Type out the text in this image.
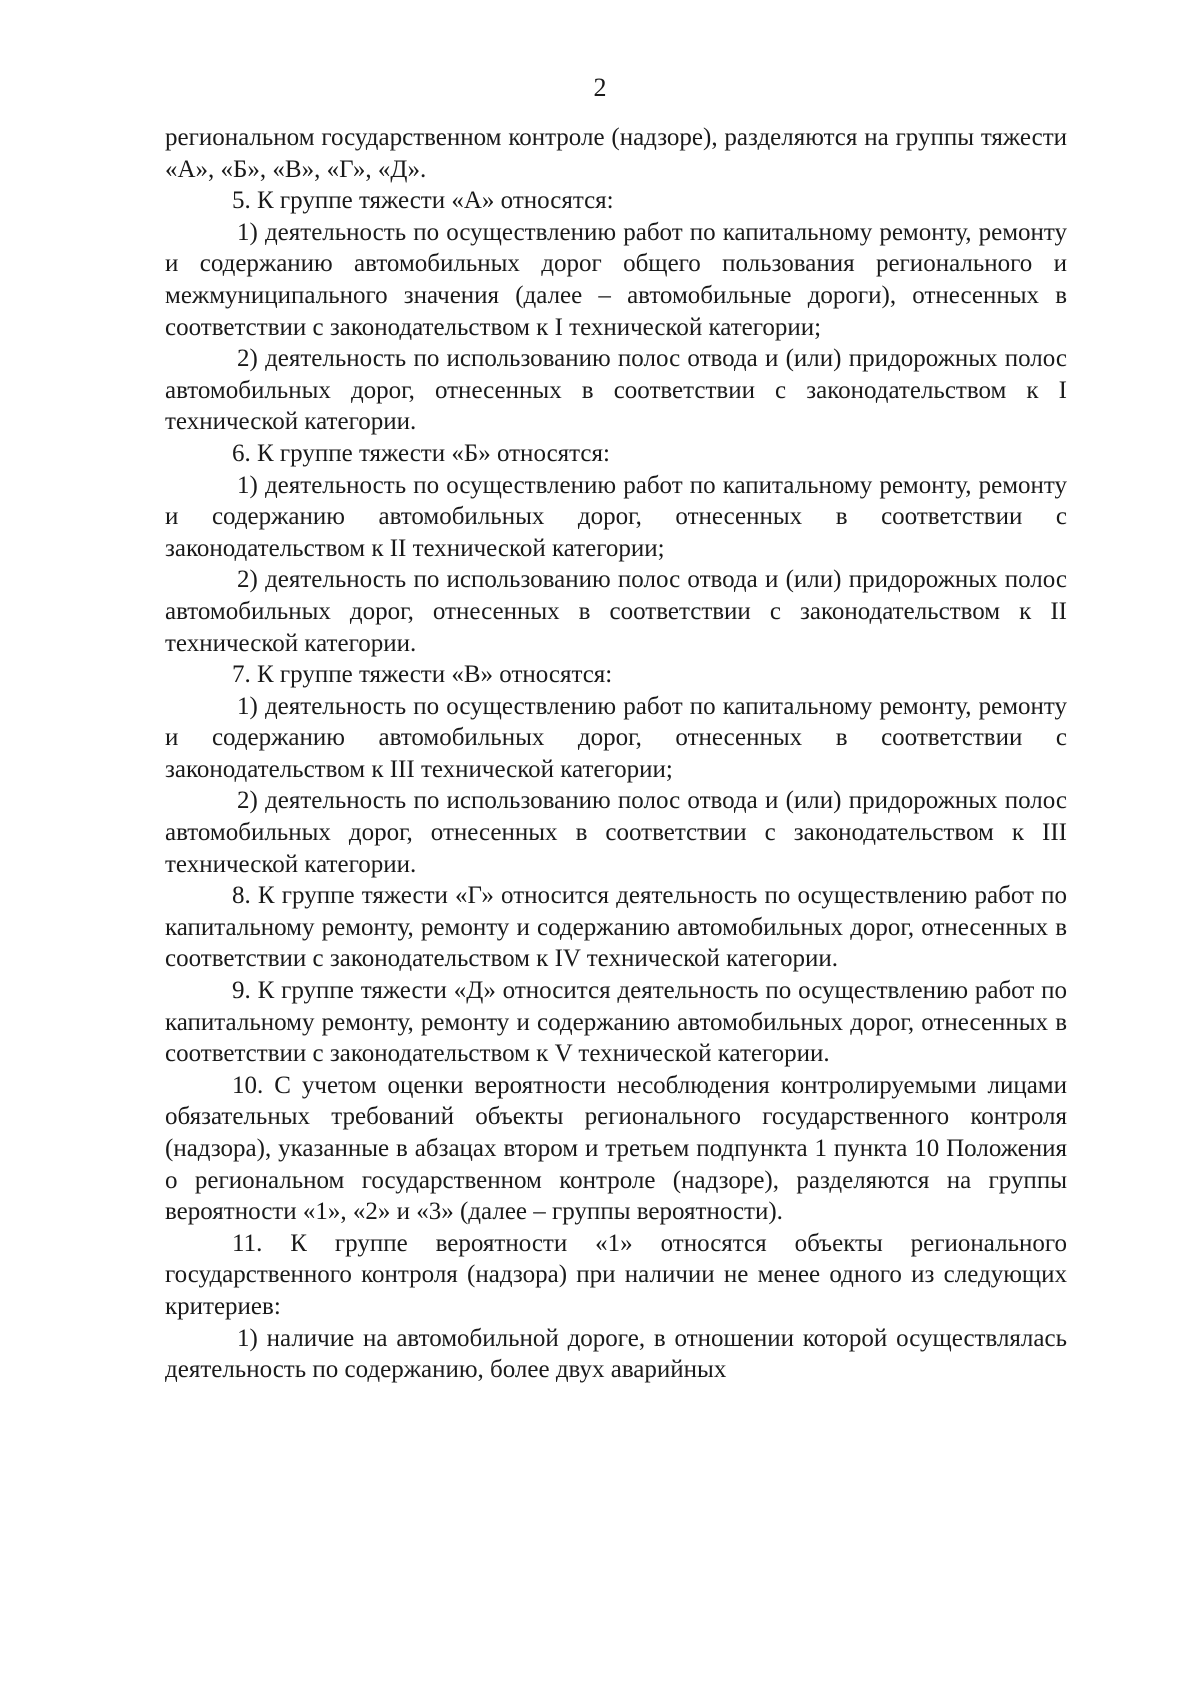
2

региональном государственном контроле (надзоре), разделяются на группы тяжести «А», «Б», «В», «Г», «Д».

5. К группе тяжести «А» относятся:

1) деятельность по осуществлению работ по капитальному ремонту, ремонту и содержанию автомобильных дорог общего пользования регионального и межмуниципального значения (далее – автомобильные дороги), отнесенных в соответствии с законодательством к I технической категории;

2) деятельность по использованию полос отвода и (или) придорожных полос автомобильных дорог, отнесенных в соответствии с законодательством к I технической категории.

6. К группе тяжести «Б» относятся:

1) деятельность по осуществлению работ по капитальному ремонту, ремонту и содержанию автомобильных дорог, отнесенных в соответствии с законодательством к II технической категории;

2) деятельность по использованию полос отвода и (или) придорожных полос автомобильных дорог, отнесенных в соответствии с законодательством к II технической категории.

7. К группе тяжести «В» относятся:

1) деятельность по осуществлению работ по капитальному ремонту, ремонту и содержанию автомобильных дорог, отнесенных в соответствии с законодательством к III технической категории;

2) деятельность по использованию полос отвода и (или) придорожных полос автомобильных дорог, отнесенных в соответствии с законодательством к III технической категории.

8. К группе тяжести «Г» относится деятельность по осуществлению работ по капитальному ремонту, ремонту и содержанию автомобильных дорог, отнесенных в соответствии с законодательством к IV технической категории.

9. К группе тяжести «Д» относится деятельность по осуществлению работ по капитальному ремонту, ремонту и содержанию автомобильных дорог, отнесенных в соответствии с законодательством к V технической категории.

10. С учетом оценки вероятности несоблюдения контролируемыми лицами обязательных требований объекты регионального государственного контроля (надзора), указанные в абзацах втором и третьем подпункта 1 пункта 10 Положения о региональном государственном контроле (надзоре), разделяются на группы вероятности «1», «2» и «3» (далее – группы вероятности).

11. К группе вероятности «1» относятся объекты регионального государственного контроля (надзора) при наличии не менее одного из следующих критериев:

1) наличие на автомобильной дороге, в отношении которой осуществлялась деятельность по содержанию, более двух аварийных
